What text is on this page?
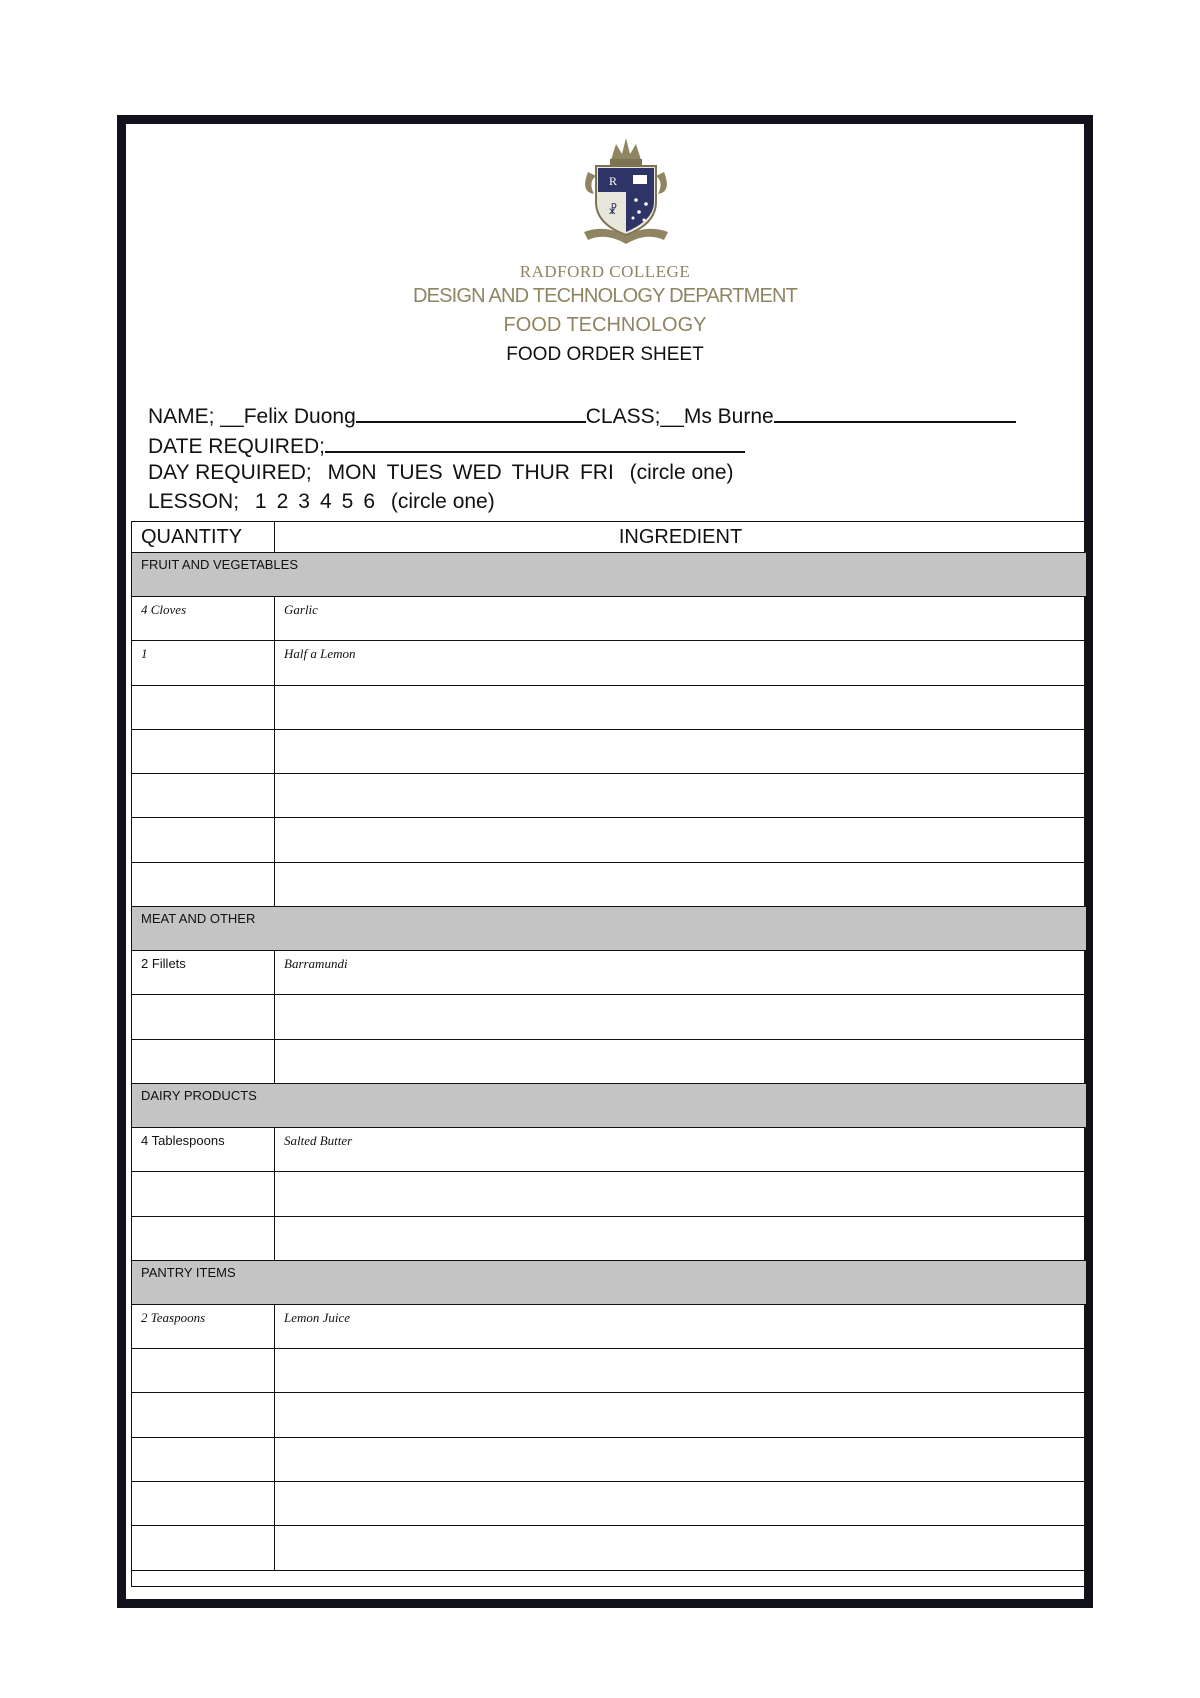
R
☧
RADFORD COLLEGE
DESIGN AND TECHNOLOGY DEPARTMENT
FOOD TECHNOLOGY
FOOD ORDER SHEET
NAME; __Felix Duong	CLASS;__Ms Burne
DATE REQUIRED;
DAY REQUIRED; MON TUES WED THUR FRI (circle one)
LESSON; 1 2 3 4 5 6 (circle one)
QUANTITY	INGREDIENT
FRUIT AND VEGETABLES	
4 Cloves	Garlic
1	Half a Lemon

MEAT AND OTHER	
2 Fillets	Barramundi

DAIRY PRODUCTS	
4 Tablespoons	Salted Butter

PANTRY ITEMS	
2 Teaspoons	Lemon Juice
